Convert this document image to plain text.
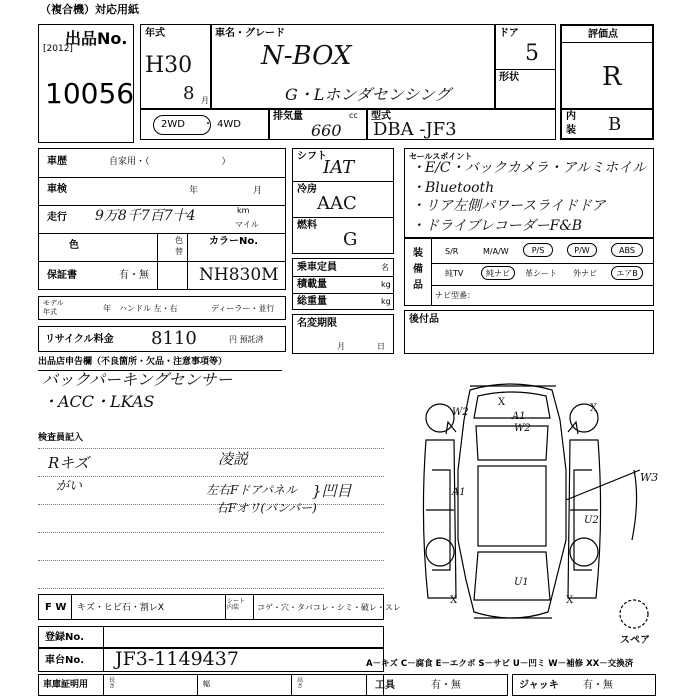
（複合機）対応用紙
出品No.
[2012]
10056
年式
H30
8 月
車名・グレード
N-BOX
G・Lホンダセンシング
ドア
5
形状
評価点
R
2WD ・ 4WD
排気量	cc
660
型式
DBA -JF3
内
装 B
車歴	自家用・（　　　　　　　　）
車検	年	月
走行 9万8千7百7十4	km
マイル
色	色
替
カラーNo.
保証書	有・無	NH830M
モデル
年式	年 ハンドル 左・右	ディーラー・並行
リサイクル料金 8110	円 預託済
シフト
IAT
冷房
AAC
燃料
G
乗車定員	名
積載量	kg
総重量	kg
名変期限
月	日
セールスポイント
・E/C・バックカメラ・アルミホイル
・Bluetooth
・リア左側パワースライドドア
・ドライブレコーダーF&B
装
備
品
S/R	M/A/W	P/S	P/W	ABS
純TV	純ナビ	革シート 外ナビ	エアB
ナビ型番：
後付品
出品店申告欄（不良箇所・欠品・注意事項等）
バックパーキングセンサー
・ACC・LKAS
検査員記入
Rキズ
がい
凌説
左右Fドアパネル
右Fオリ(バンパー)
}凹目
F W キズ・ヒビ石・割レX
シート 内装	コゲ・穴・タバコレ・シミ・破レ・スレ
登録No.
車台No. JF3-1149437
車庫証明用	長さ	幅	高さ
W2	A1
W2
X
X
A1
U2
W3
U1
X	X
スペア
A－キズ C－腐食 E－エクボ S－サビ U－凹ミ W－補修 XX－交換済
工具	有・無	ジャッキ 有・無
